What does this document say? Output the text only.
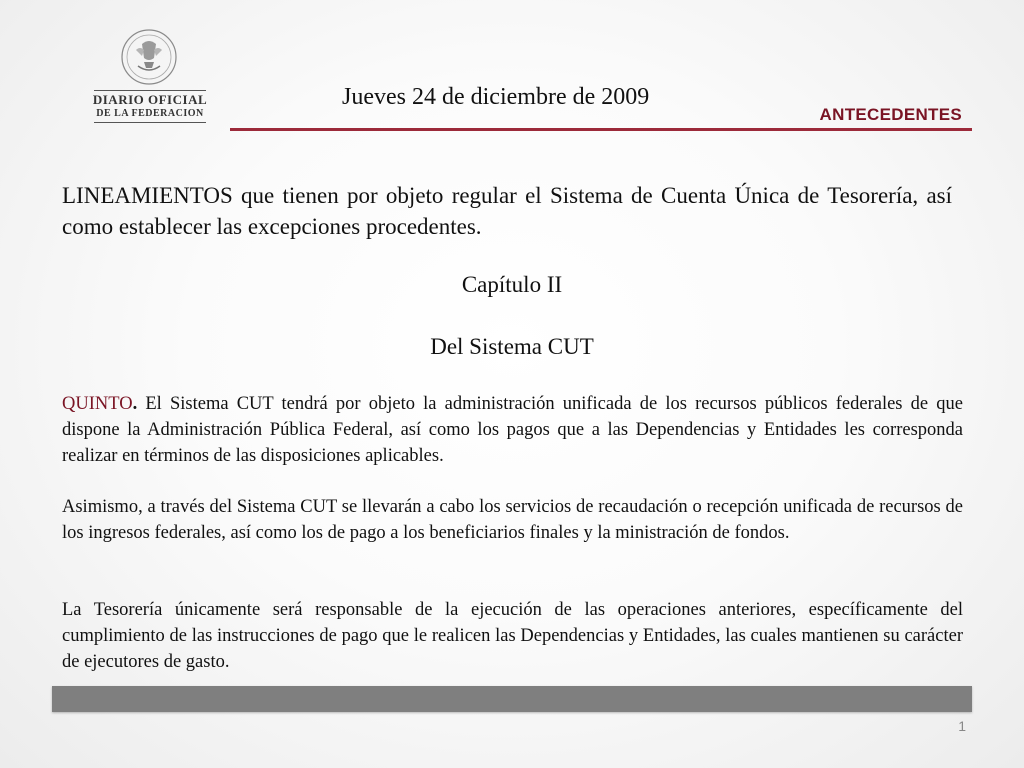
DIARIO OFICIAL
DE LA FEDERACION
Jueves 24 de diciembre de 2009
ANTECEDENTES
LINEAMIENTOS que tienen por objeto regular el Sistema de Cuenta Única de Tesorería, así como establecer las excepciones procedentes.
Capítulo II
Del Sistema CUT

QUINTO. El Sistema CUT tendrá por objeto la administración unificada de los recursos públicos federales de que dispone la Administración Pública Federal, así como los pagos que a las Dependencias y Entidades les corresponda realizar en términos de las disposiciones aplicables.

Asimismo, a través del Sistema CUT se llevarán a cabo los servicios de recaudación o recepción unificada de recursos de los ingresos federales, así como los de pago a los beneficiarios finales y la ministración de fondos.

La Tesorería únicamente será responsable de la ejecución de las operaciones anteriores, específicamente del cumplimiento de las instrucciones de pago que le realicen las Dependencias y Entidades, las cuales mantienen su carácter de ejecutores de gasto.

1
